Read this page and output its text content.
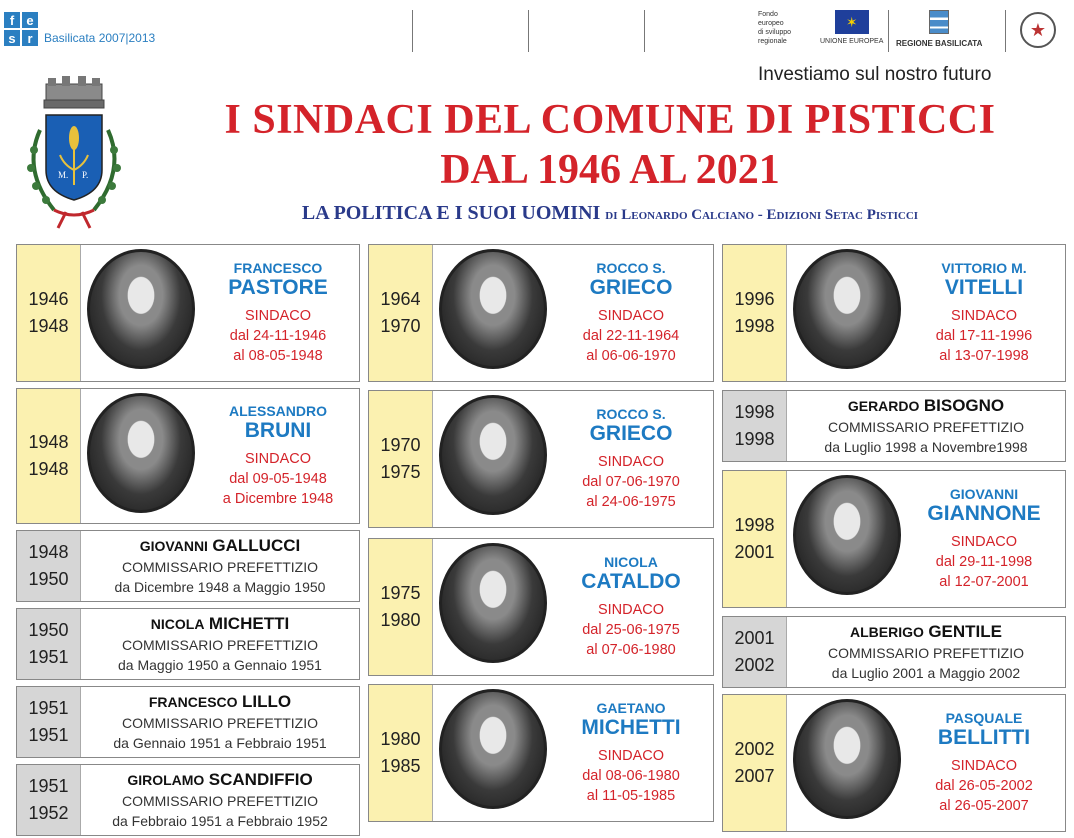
f e
s r Basilicata 2007|2013
Fondo
europeo
di sviluppo
regionale
✶
UNIONE EUROPEA REGIONE BASILICATA
★
Investiamo sul nostro futuro
M. P.
I SINDACI DEL COMUNE DI PISTICCI
DAL 1946 AL 2021
LA POLITICA E I SUOI UOMINI di Leonardo Calciano - Edizioni Setac Pisticci
1946
1948
FRANCESCO
PASTORE
SINDACO
dal 24-11-1946
al 08-05-1948
1948
1948
ALESSANDRO
BRUNI
SINDACO
dal 09-05-1948
a Dicembre 1948
1948
1950
GIOVANNI GALLUCCI
COMMISSARIO PREFETTIZIO
da Dicembre 1948 a Maggio 1950
1950
1951
NICOLA MICHETTI
COMMISSARIO PREFETTIZIO
da Maggio 1950 a Gennaio 1951
1951
1951
FRANCESCO LILLO
COMMISSARIO PREFETTIZIO
da Gennaio 1951 a Febbraio 1951
1951
1952
GIROLAMO SCANDIFFIO
COMMISSARIO PREFETTIZIO
da Febbraio 1951 a Febbraio 1952
1964
1970
ROCCO S.
GRIECO
SINDACO
dal 22-11-1964
al 06-06-1970
1970
1975
ROCCO S.
GRIECO
SINDACO
dal 07-06-1970
al 24-06-1975
1975
1980
NICOLA
CATALDO
SINDACO
dal 25-06-1975
al 07-06-1980
1980
1985
GAETANO
MICHETTI
SINDACO
dal 08-06-1980
al 11-05-1985
1996
1998
VITTORIO M.
VITELLI
SINDACO
dal 17-11-1996
al 13-07-1998
1998
1998
GERARDO BISOGNO
COMMISSARIO PREFETTIZIO
da Luglio 1998 a Novembre1998
1998
2001
GIOVANNI
GIANNONE
SINDACO
dal 29-11-1998
al 12-07-2001
2001
2002
ALBERIGO GENTILE
COMMISSARIO PREFETTIZIO
da Luglio 2001 a Maggio 2002
2002
2007
PASQUALE
BELLITTI
SINDACO
dal 26-05-2002
al 26-05-2007
